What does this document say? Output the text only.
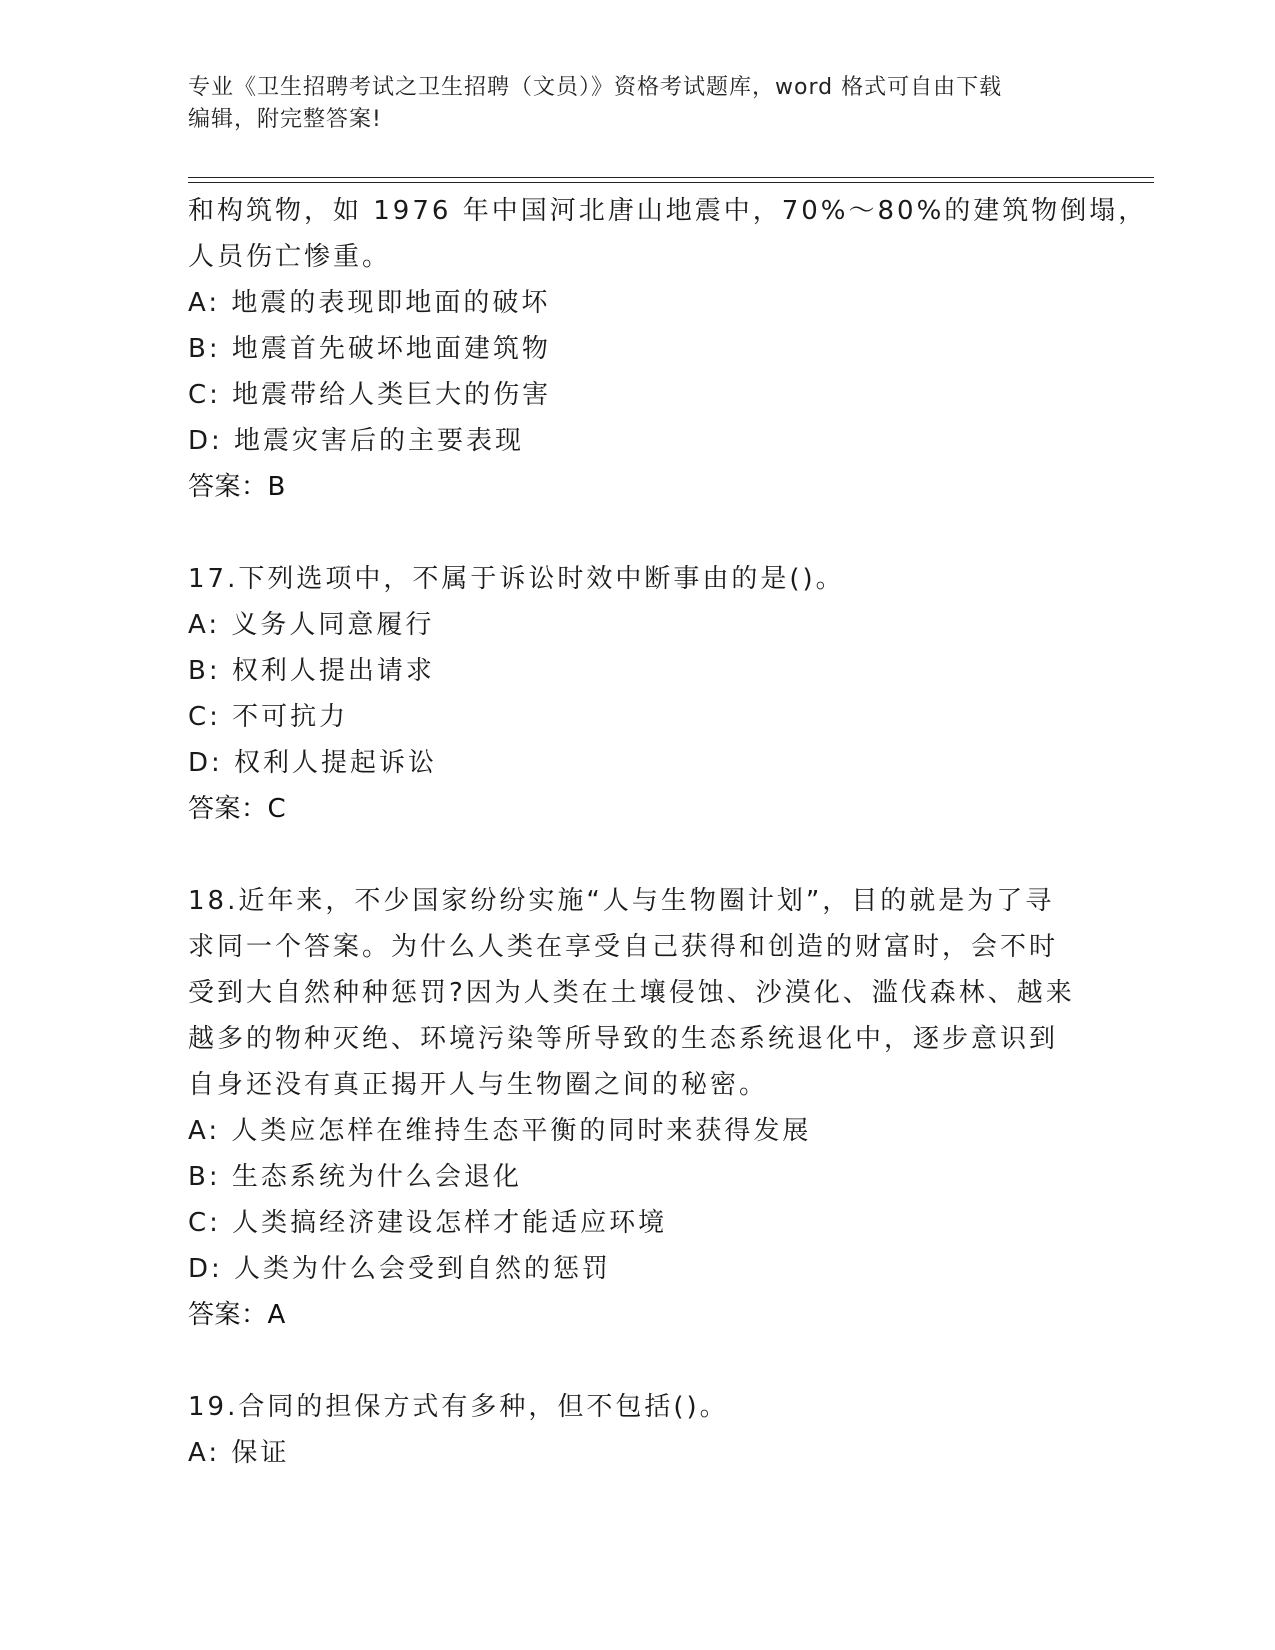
专业《卫生招聘考试之卫生招聘（文员）》资格考试题库，word 格式可自由下载
编辑，附完整答案!
和构筑物，如 1976 年中国河北唐山地震中，70%～80%的建筑物倒塌，
人员伤亡惨重。
A: 地震的表现即地面的破坏
B: 地震首先破坏地面建筑物
C: 地震带给人类巨大的伤害
D: 地震灾害后的主要表现
答案：B
17.下列选项中，不属于诉讼时效中断事由的是()。
A: 义务人同意履行
B: 权利人提出请求
C: 不可抗力
D: 权利人提起诉讼
答案：C
18.近年来，不少国家纷纷实施“人与生物圈计划”，目的就是为了寻
求同一个答案。为什么人类在享受自己获得和创造的财富时，会不时
受到大自然种种惩罚?因为人类在土壤侵蚀、沙漠化、滥伐森林、越来
越多的物种灭绝、环境污染等所导致的生态系统退化中，逐步意识到
自身还没有真正揭开人与生物圈之间的秘密。
A: 人类应怎样在维持生态平衡的同时来获得发展
B: 生态系统为什么会退化
C: 人类搞经济建设怎样才能适应环境
D: 人类为什么会受到自然的惩罚
答案：A
19.合同的担保方式有多种，但不包括()。
A: 保证
